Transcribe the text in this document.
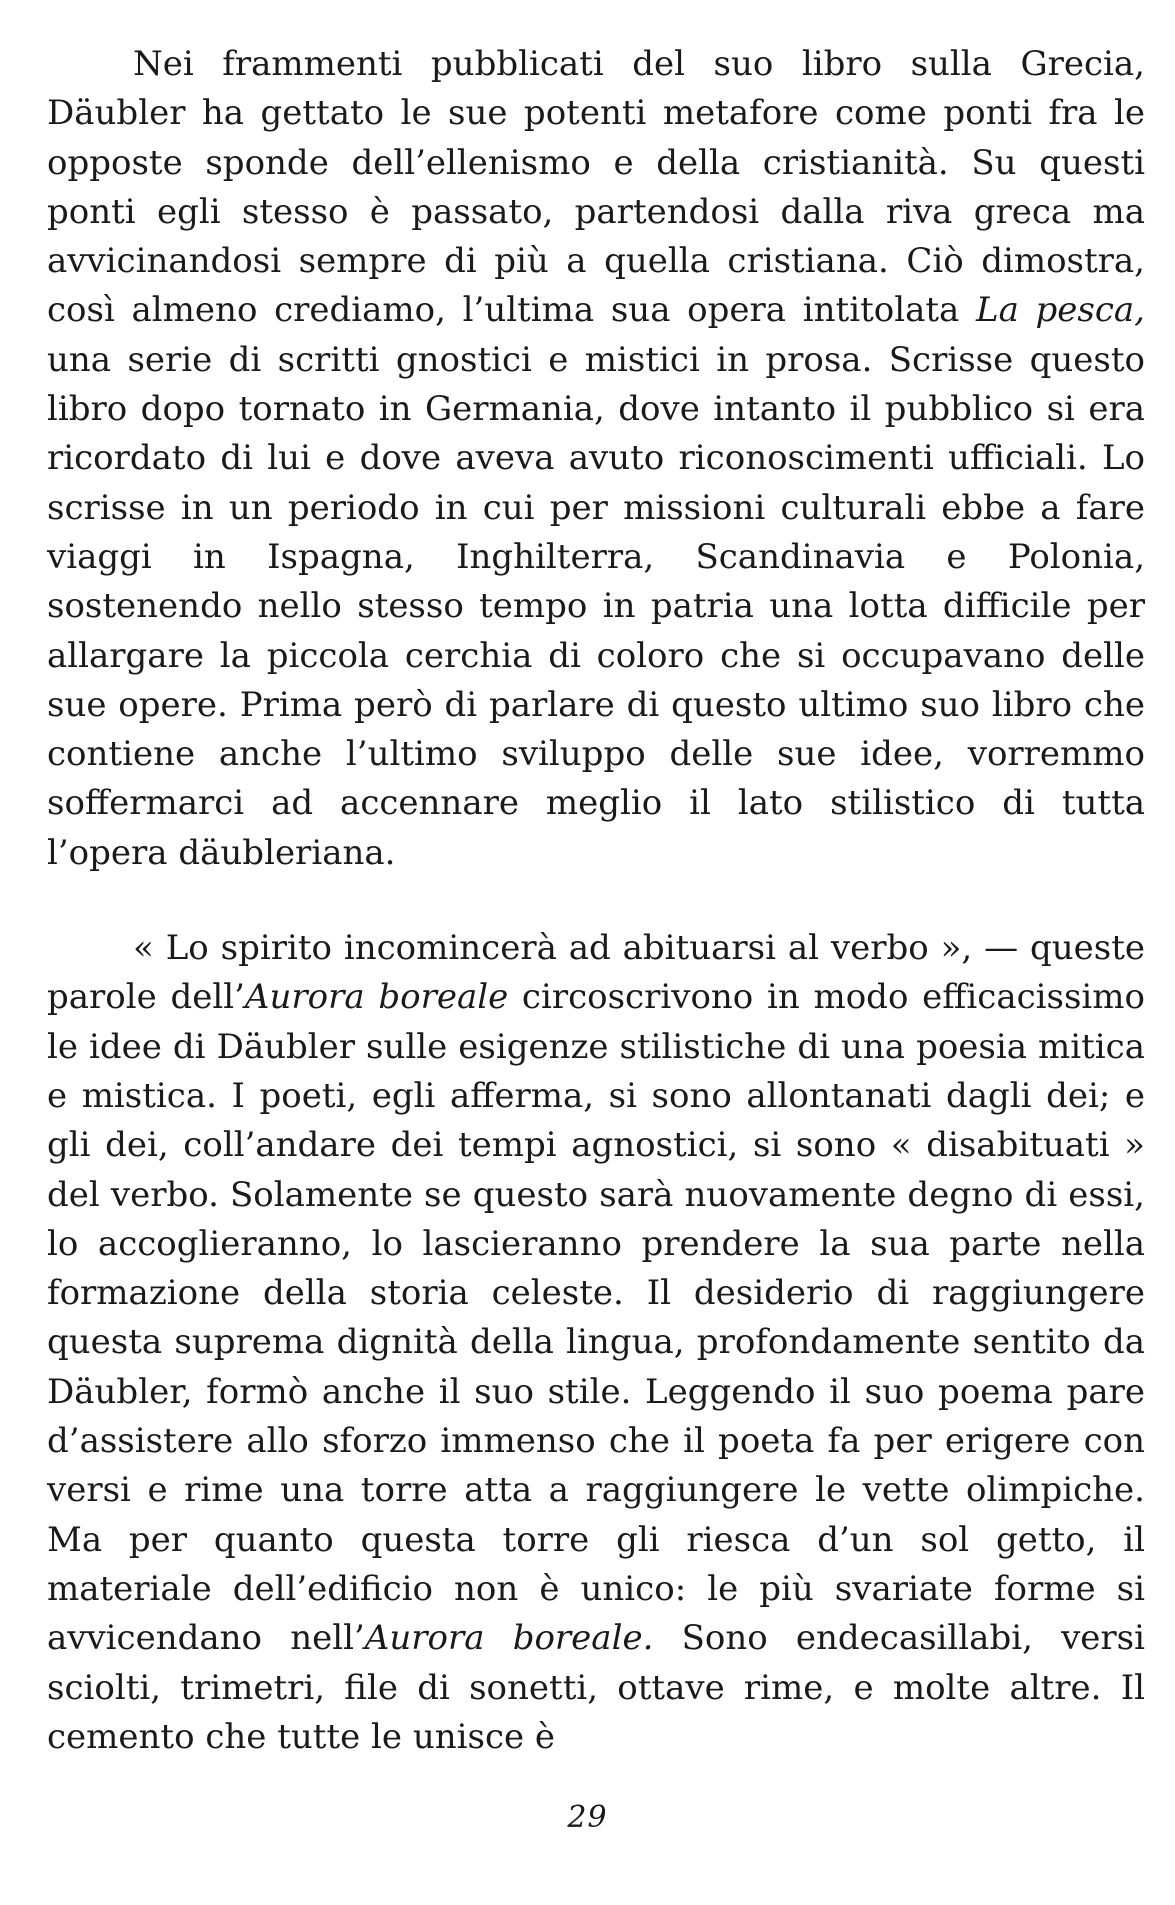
Nei frammenti pubblicati del suo libro sulla Grecia, Däubler ha gettato le sue potenti metafore come ponti fra le opposte sponde dell’ellenismo e della cristianità. Su questi ponti egli stesso è passato, partendosi dalla riva greca ma avvicinandosi sempre di più a quella cristiana. Ciò dimostra, così almeno crediamo, l’ultima sua opera intitolata La pesca, una serie di scritti gnostici e mistici in prosa. Scrisse questo libro dopo tornato in Germania, dove intanto il pubblico si era ricordato di lui e dove aveva avuto riconoscimenti ufficiali. Lo scrisse in un periodo in cui per missioni culturali ebbe a fare viaggi in Ispagna, Inghilterra, Scandinavia e Polonia, sostenendo nello stesso tempo in patria una lotta difficile per allargare la piccola cerchia di coloro che si occupavano delle sue opere. Prima però di parlare di questo ultimo suo libro che contiene anche l’ultimo sviluppo delle sue idee, vorremmo soffermarci ad accennare meglio il lato stilistico di tutta l’opera däubleriana.

« Lo spirito incomincerà ad abituarsi al verbo », — queste parole dell’Aurora boreale circoscrivono in modo efficacissimo le idee di Däubler sulle esigenze stilistiche di una poesia mitica e mistica. I poeti, egli afferma, si sono allontanati dagli dei; e gli dei, coll’andare dei tempi agnostici, si sono « disabituati » del verbo. Solamente se questo sarà nuovamente degno di essi, lo accoglieranno, lo lascieranno prendere la sua parte nella formazione della storia celeste. Il desiderio di raggiungere questa suprema dignità della lingua, profondamente sentito da Däubler, formò anche il suo stile. Leggendo il suo poema pare d’assistere allo sforzo immenso che il poeta fa per erigere con versi e rime una torre atta a raggiungere le vette olimpiche. Ma per quanto questa torre gli riesca d’un sol getto, il materiale dell’edificio non è unico: le più svariate forme si avvicendano nell’Aurora boreale. Sono endecasillabi, versi sciolti, trimetri, file di sonetti, ottave rime, e molte altre. Il cemento che tutte le unisce è

29
